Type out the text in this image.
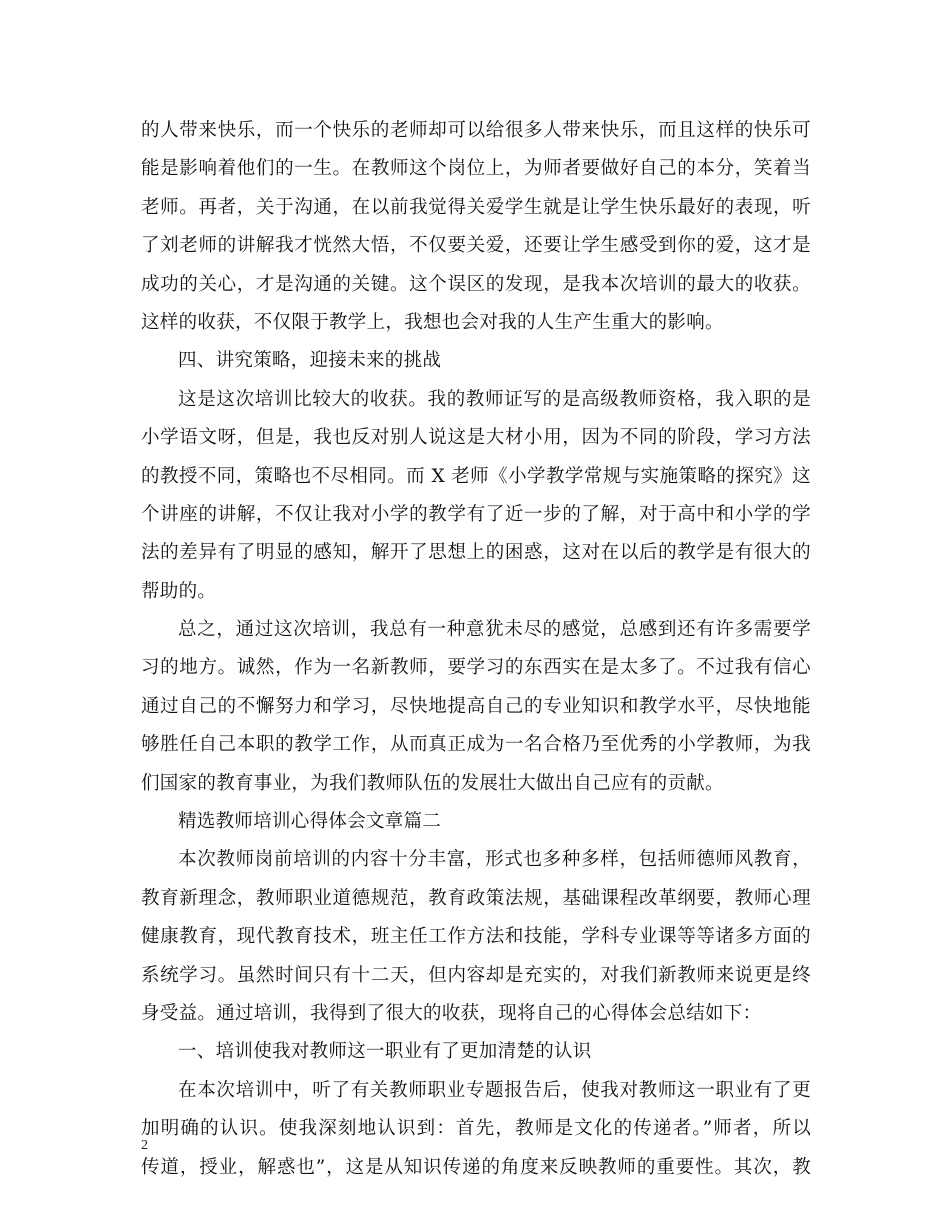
的人带来快乐，而一个快乐的老师却可以给很多人带来快乐，而且这样的快乐可
能是影响着他们的一生。在教师这个岗位上，为师者要做好自己的本分，笑着当
老师。再者，关于沟通，在以前我觉得关爱学生就是让学生快乐最好的表现，听
了刘老师的讲解我才恍然大悟，不仅要关爱，还要让学生感受到你的爱，这才是
成功的关心，才是沟通的关键。这个误区的发现，是我本次培训的最大的收获。
这样的收获，不仅限于教学上，我想也会对我的人生产生重大的影响。
四、讲究策略，迎接未来的挑战
这是这次培训比较大的收获。我的教师证写的是高级教师资格，我入职的是
小学语文呀，但是，我也反对别人说这是大材小用，因为不同的阶段，学习方法
的教授不同，策略也不尽相同。而 X 老师《小学教学常规与实施策略的探究》这
个讲座的讲解，不仅让我对小学的教学有了近一步的了解，对于高中和小学的学
法的差异有了明显的感知，解开了思想上的困惑，这对在以后的教学是有很大的
帮助的。
总之，通过这次培训，我总有一种意犹未尽的感觉，总感到还有许多需要学
习的地方。诚然，作为一名新教师，要学习的东西实在是太多了。不过我有信心
通过自己的不懈努力和学习，尽快地提高自己的专业知识和教学水平，尽快地能
够胜任自己本职的教学工作，从而真正成为一名合格乃至优秀的小学教师，为我
们国家的教育事业，为我们教师队伍的发展壮大做出自己应有的贡献。
精选教师培训心得体会文章篇二
本次教师岗前培训的内容十分丰富，形式也多种多样，包括师德师风教育，
教育新理念，教师职业道德规范，教育政策法规，基础课程改革纲要，教师心理
健康教育，现代教育技术，班主任工作方法和技能，学科专业课等等诸多方面的
系统学习。虽然时间只有十二天，但内容却是充实的，对我们新教师来说更是终
身受益。通过培训，我得到了很大的收获，现将自己的心得体会总结如下：
一、培训使我对教师这一职业有了更加清楚的认识
在本次培训中，听了有关教师职业专题报告后，使我对教师这一职业有了更
加明确的认识。使我深刻地认识到：首先，教师是文化的传递者。”师者，所以
传道，授业，解惑也”，这是从知识传递的角度来反映教师的重要性。其次，教
2
